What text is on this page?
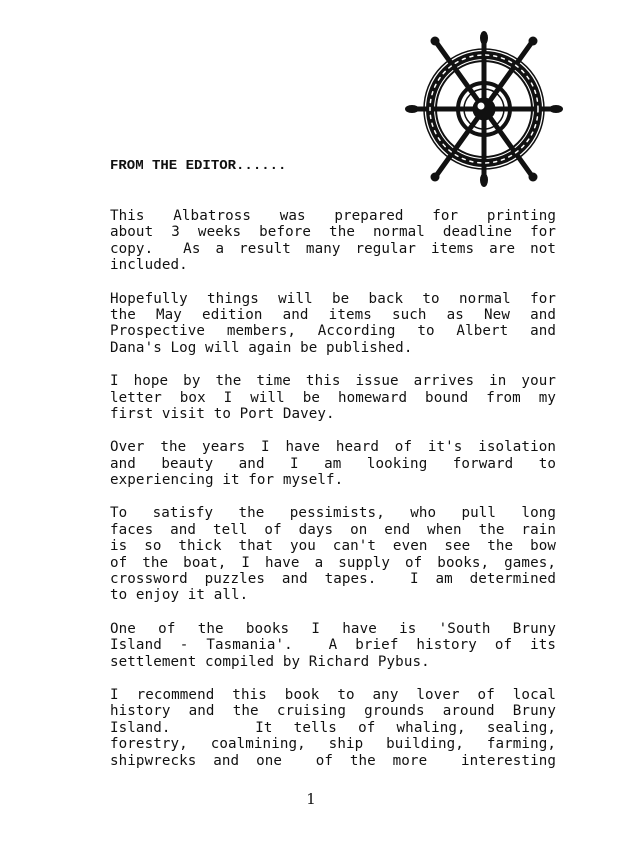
FROM THE EDITOR......
This Albatross was prepared for printing
about 3 weeks before the normal deadline for
copy.  As a result many regular items are not
included.
Hopefully things will be back to normal for
the May edition and items such as New and
Prospective members, According to Albert and
Dana's Log will again be published.
I hope by the time this issue arrives in your
letter box I will be homeward bound from my
first visit to Port Davey.
Over the years I have heard of it's isolation
and beauty and I am looking forward to
experiencing it for myself.
To satisfy the pessimists, who pull long
faces and tell of days on end when the rain
is so thick that you can't even see the bow
of the boat, I have a supply of books, games,
crossword puzzles and tapes.  I am determined
to enjoy it all.
One of the books I have is 'South Bruny
Island - Tasmania'.  A brief history of its
settlement compiled by Richard Pybus.
I recommend this book to any lover of local
history and the cruising grounds around Bruny
Island.    It tells of whaling, sealing,
forestry, coalmining, ship building, farming,
shipwrecks and one  of the more  interesting
1
